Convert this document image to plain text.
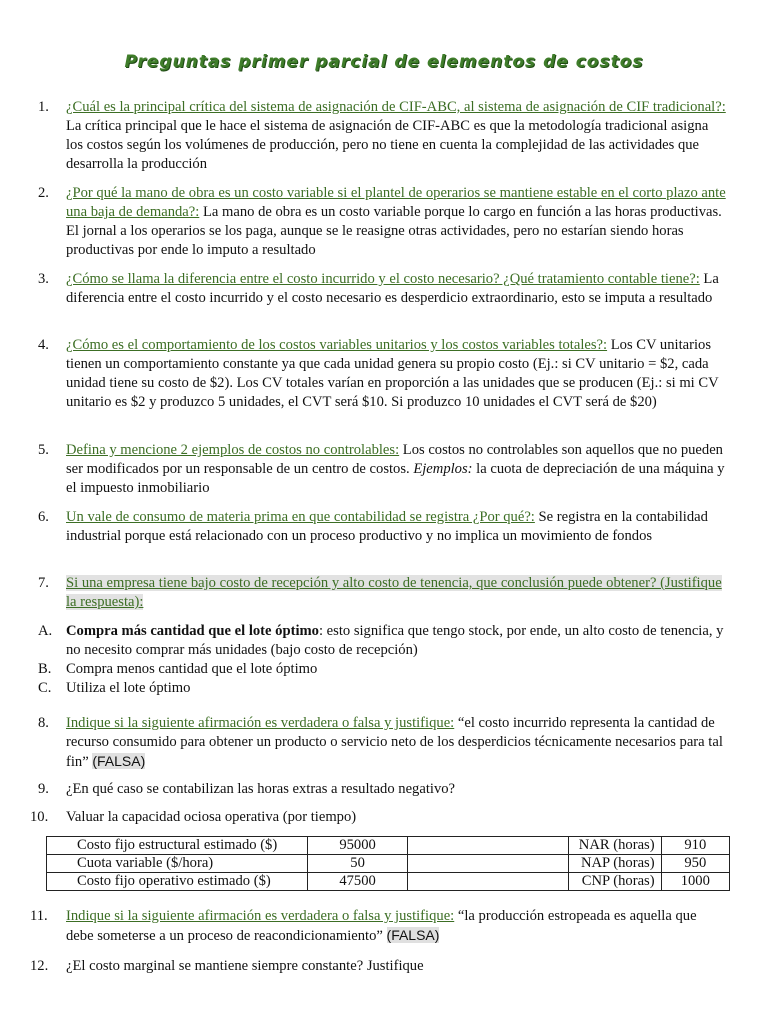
Preguntas primer parcial de elementos de costos
1. ¿Cuál es la principal crítica del sistema de asignación de CIF-ABC, al sistema de asignación de CIF tradicional?: La crítica principal que le hace el sistema de asignación de CIF-ABC es que la metodología tradicional asigna los costos según los volúmenes de producción, pero no tiene en cuenta la complejidad de las actividades que desarrolla la producción
2. ¿Por qué la mano de obra es un costo variable si el plantel de operarios se mantiene estable en el corto plazo ante una baja de demanda?: La mano de obra es un costo variable porque lo cargo en función a las horas productivas. El jornal a los operarios se los paga, aunque se le reasigne otras actividades, pero no estarían siendo horas productivas por ende lo imputo a resultado
3. ¿Cómo se llama la diferencia entre el costo incurrido y el costo necesario? ¿Qué tratamiento contable tiene?: La diferencia entre el costo incurrido y el costo necesario es desperdicio extraordinario, esto se imputa a resultado
4. ¿Cómo es el comportamiento de los costos variables unitarios y los costos variables totales?: Los CV unitarios tienen un comportamiento constante ya que cada unidad genera su propio costo (Ej.: si CV unitario = $2, cada unidad tiene su costo de $2). Los CV totales varían en proporción a las unidades que se producen (Ej.: si mi CV unitario es $2 y produzco 5 unidades, el CVT será $10. Si produzco 10 unidades el CVT será de $20)
5. Defina y mencione 2 ejemplos de costos no controlables: Los costos no controlables son aquellos que no pueden ser modificados por un responsable de un centro de costos. Ejemplos: la cuota de depreciación de una máquina y el impuesto inmobiliario
6. Un vale de consumo de materia prima en que contabilidad se registra ¿Por qué?: Se registra en la contabilidad industrial porque está relacionado con un proceso productivo y no implica un movimiento de fondos
7. Si una empresa tiene bajo costo de recepción y alto costo de tenencia, que conclusión puede obtener? (Justifique la respuesta):
A. Compra más cantidad que el lote óptimo: esto significa que tengo stock, por ende, un alto costo de tenencia, y no necesito comprar más unidades (bajo costo de recepción)
B. Compra menos cantidad que el lote óptimo
C. Utiliza el lote óptimo
8. Indique si la siguiente afirmación es verdadera o falsa y justifique: “el costo incurrido representa la cantidad de recurso consumido para obtener un producto o servicio neto de los desperdicios técnicamente necesarios para tal fin” (FALSA)
9. ¿En qué caso se contabilizan las horas extras a resultado negativo?
10. Valuar la capacidad ociosa operativa (por tiempo)
Costo fijo estructural estimado ($)	95000		NAR (horas)	910
Cuota variable ($/hora)	50		NAP (horas)	950
Costo fijo operativo estimado ($)	47500		CNP (horas)	1000
11. Indique si la siguiente afirmación es verdadera o falsa y justifique: “la producción estropeada es aquella que debe someterse a un proceso de reacondicionamiento” (FALSA)
12. ¿El costo marginal se mantiene siempre constante? Justifique
